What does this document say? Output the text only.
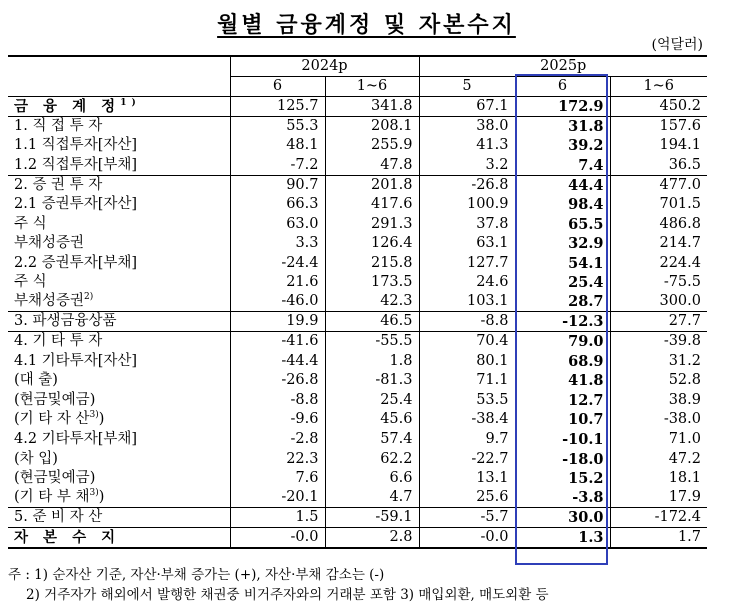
월별 금융계정 및 자본수지
(억달러)
	2024p		2025p		
	6	1~6	5	6	1~6
금 융 계 정$^{1)}$	125.7	341.8	67.1	172.9	450.2
1. 직 접 투 자	55.3	208.1	38.0	31.8	157.6
1.1 직접투자[자산]	48.1	255.9	41.3	39.2	194.1
1.2 직접투자[부채]	-7.2	47.8	3.2	7.4	36.5
2. 증 권 투 자	90.7	201.8	-26.8	44.4	477.0
2.1 증권투자[자산]	66.3	417.6	100.9	98.4	701.5
주 식	63.0	291.3	37.8	65.5	486.8
부채성증권	3.3	126.4	63.1	32.9	214.7
2.2 증권투자[부채]	-24.4	215.8	127.7	54.1	224.4
주 식	21.6	173.5	24.6	25.4	-75.5
부채성증권$^{2)}$	-46.0	42.3	103.1	28.7	300.0
3. 파생금융상품	19.9	46.5	-8.8	-12.3	27.7
4. 기 타 투 자	-41.6	-55.5	70.4	79.0	-39.8
4.1 기타투자[자산]	-44.4	1.8	80.1	68.9	31.2
(대 출)	-26.8	-81.3	71.1	41.8	52.8
(현금및예금)	-8.8	25.4	53.5	12.7	38.9
(기 타 자 산$^{3)}$)	-9.6	45.6	-38.4	10.7	-38.0
4.2 기타투자[부채]	-2.8	57.4	9.7	-10.1	71.0
(차 입)	22.3	62.2	-22.7	-18.0	47.2
(현금및예금)	7.6	6.6	13.1	15.2	18.1
(기 타 부 채$^{3)}$)	-20.1	4.7	25.6	-3.8	17.9
5. 준 비 자 산	1.5	-59.1	-5.7	30.0	-172.4
자 본 수 지	-0.0	2.8	-0.0	1.3	1.7
주 : 1) 순자산 기준, 자산·부채 증가는 (+), 자산·부채 감소는 (-)
2) 거주자가 해외에서 발행한 채권중 비거주자와의 거래분 포함 3) 매입외환, 매도외환 등
